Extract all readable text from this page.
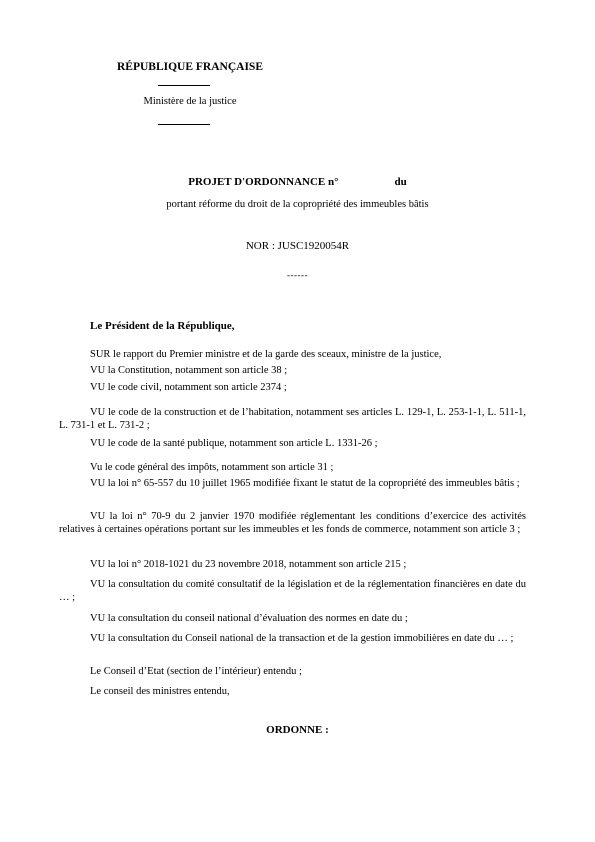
RÉPUBLIQUE FRANÇAISE
Ministère de la justice
PROJET D'ORDONNANCE n°	du
portant réforme du droit de la copropriété des immeubles bâtis
NOR : JUSC1920054R
------
Le Président de la République,

SUR le rapport du Premier ministre et de la garde des sceaux, ministre de la justice,

VU la Constitution, notamment son article 38 ;

VU le code civil, notamment son article 2374 ;

VU le code de la construction et de l’habitation, notamment ses articles L. 129-1, L. 253-1-1, L. 511-1, L. 731-1 et L. 731-2 ;

VU le code de la santé publique, notamment son article L. 1331-26 ;

Vu le code général des impôts, notamment son article 31 ;

VU la loi n° 65-557 du 10 juillet 1965 modifiée fixant le statut de la copropriété des immeubles bâtis ;

VU la loi n° 70-9 du 2 janvier 1970 modifiée réglementant les conditions d’exercice des activités relatives à certaines opérations portant sur les immeubles et les fonds de commerce, notamment son article 3 ;

VU la loi n° 2018-1021 du 23 novembre 2018, notamment son article 215 ;

VU la consultation du comité consultatif de la législation et de la réglementation financières en date du … ;

VU la consultation du conseil national d’évaluation des normes en date du ;

VU la consultation du Conseil national de la transaction et de la gestion immobilières en date du … ;

Le Conseil d’Etat (section de l’intérieur) entendu ;

Le conseil des ministres entendu,

ORDONNE :
